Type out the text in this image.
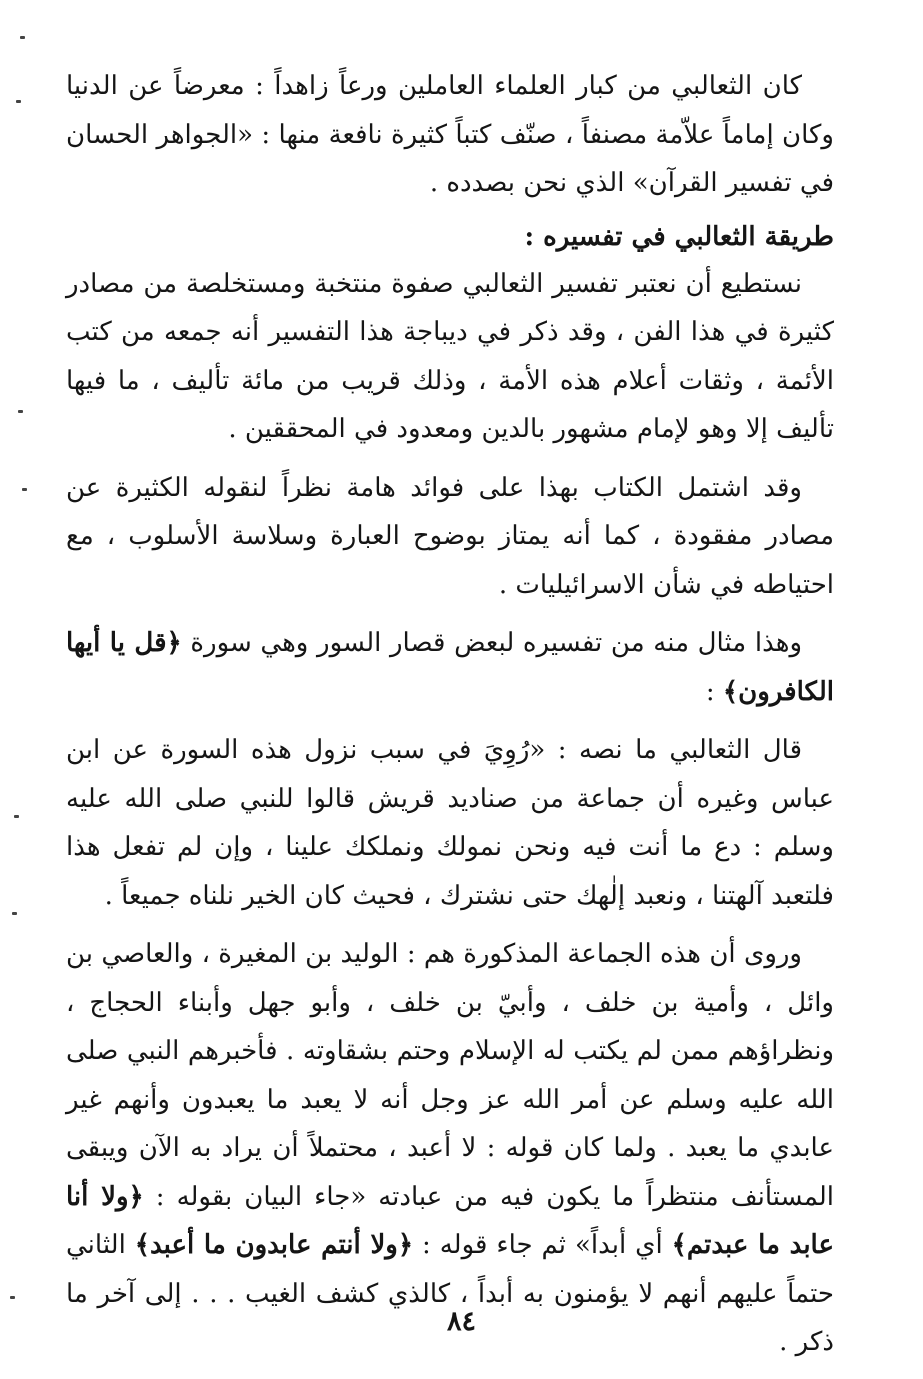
كان الثعالبي من كبار العلماء العاملين ورعاً زاهداً : معرضاً عن الدنيا وكان إماماً علاّمة مصنفاً ، صنّف كتباً كثيرة نافعة منها : «الجواهر الحسان في تفسير القرآن» الذي نحن بصدده .

طريقة الثعالبي في تفسيره :

نستطيع أن نعتبر تفسير الثعالبي صفوة منتخبة ومستخلصة من مصادر كثيرة في هذا الفن ، وقد ذكر في ديباجة هذا التفسير أنه جمعه من كتب الأئمة ، وثقات أعلام هذه الأمة ، وذلك قريب من مائة تأليف ، ما فيها تأليف إلا وهو لإمام مشهور بالدين ومعدود في المحققين .

وقد اشتمل الكتاب بهذا على فوائد هامة نظراً لنقوله الكثيرة عن مصادر مفقودة ، كما أنه يمتاز بوضوح العبارة وسلاسة الأسلوب ، مع احتياطه في شأن الاسرائيليات .

وهذا مثال منه من تفسيره لبعض قصار السور وهي سورة ﴿قل يا أيها الكافرون﴾ :

قال الثعالبي ما نصه : «رُوِيَ في سبب نزول هذه السورة عن ابن عباس وغيره أن جماعة من صناديد قريش قالوا للنبي صلى الله عليه وسلم : دع ما أنت فيه ونحن نمولك ونملكك علينا ، وإن لم تفعل هذا فلتعبد آلهتنا ، ونعبد إلٰهك حتى نشترك ، فحيث كان الخير نلناه جميعاً .

وروى أن هذه الجماعة المذكورة هم : الوليد بن المغيرة ، والعاصي بن وائل ، وأمية بن خلف ، وأبيّ بن خلف ، وأبو جهل وأبناء الحجاج ، ونظراؤهم ممن لم يكتب له الإسلام وحتم بشقاوته . فأخبرهم النبي صلى الله عليه وسلم عن أمر الله عز وجل أنه لا يعبد ما يعبدون وأنهم غير عابدي ما يعبد . ولما كان قوله : لا أعبد ، محتملاً أن يراد به الآن ويبقى المستأنف منتظراً ما يكون فيه من عبادته «جاء البيان بقوله : ﴿ولا أنا عابد ما عبدتم﴾ أي أبداً» ثم جاء قوله : ﴿ولا أنتم عابدون ما أعبد﴾ الثاني حتماً عليهم أنهم لا يؤمنون به أبداً ، كالذي كشف الغيب . . . إلى آخر ما ذكر .

٨٤
